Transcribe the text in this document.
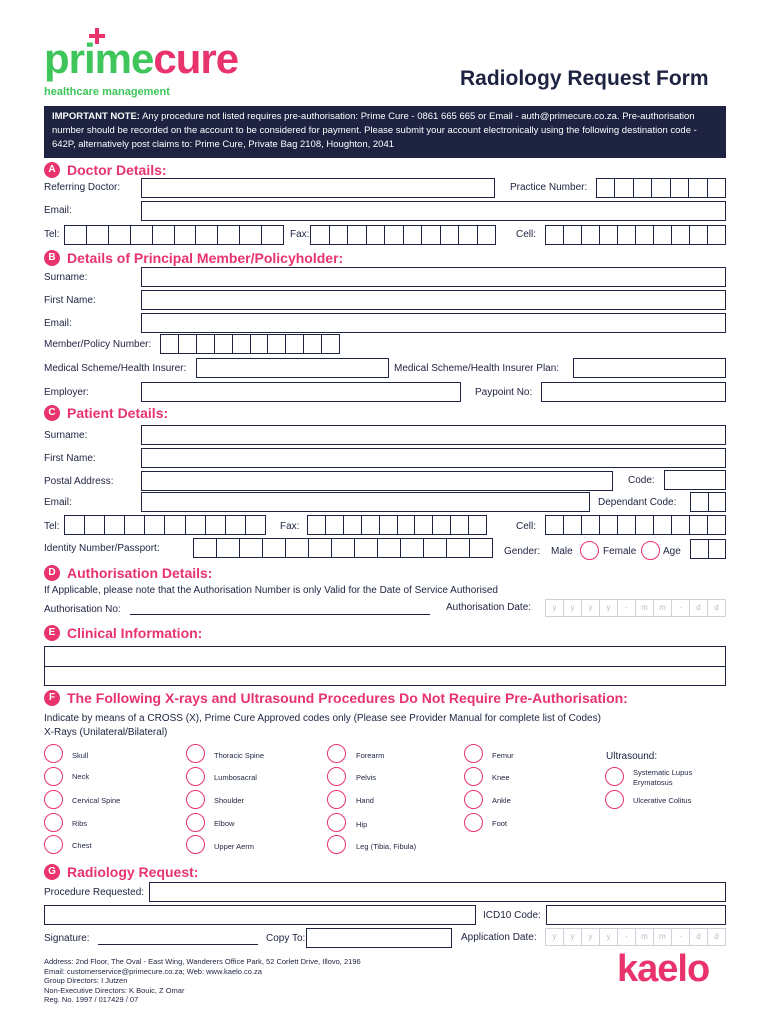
primecure
healthcare management
Radiology Request Form
IMPORTANT NOTE: Any procedure not listed requires pre-authorisation: Prime Cure - 0861 665 665 or Email - auth@primecure.co.za. Pre-authorisation number should be recorded on the account to be considered for payment. Please submit your account electronically using the following destination code - 642P, alternatively post claims to: Prime Cure, Private Bag 2108, Houghton, 2041
A Doctor Details:
Referring Doctor:	Practice Number:
Email:
Tel:	Fax:	Cell:
B Details of Principal Member/Policyholder:
Surname:
First Name:
Email:
Member/Policy Number:
Medical Scheme/Health Insurer:	Medical Scheme/Health Insurer Plan:
Employer:	Paypoint No:
C Patient Details:
Surname:
First Name:
Postal Address:	Code:
Email:	Dependant Code:
Tel:	Fax:	Cell:
Identity Number/Passport:	Gender: Male	Female	Age
D Authorisation Details:
If Applicable, please note that the Authorisation Number is only Valid for the Date of Service Authorised
Authorisation No:	Authorisation Date:	y	y	y	y	-	m	m	-	d	d
E Clinical Information:
F The Following X-rays and Ultrasound Procedures Do Not Require Pre-Authorisation:
Indicate by means of a CROSS (X), Prime Cure Approved codes only (Please see Provider Manual for complete list of Codes)
X-Rays (Unilateral/Bilateral)
Skull
Neck
Cervical Spine
Ribs
Chest
Thoracic Spine
Lumbosacral
Shoulder
Elbow
Upper Aerm
Forearm
Pelvis
Hand
Hip
Leg (Tibia, Fibula)
Femur
Knee
Ankle
Foot
Ultrasound:
Systematic Lupus Erymatosus
Ulcerative Colitus
G Radiology Request:
Procedure Requested:
ICD10 Code:
Signature:	Copy To:	Application Date:	y	y	y	y	-	m	m	-	d	d
Address: 2nd Floor, The Oval - East Wing, Wanderers Office Park, 52 Corlett Drive, Illovo, 2196
Email: customerservice@primecure.co.za; Web: www.kaelo.co.za
Group Directors: I Jutzen
Non-Executive Directors: K Bouic, Z Omar
Reg. No. 1997 / 017429 / 07
kaelo
